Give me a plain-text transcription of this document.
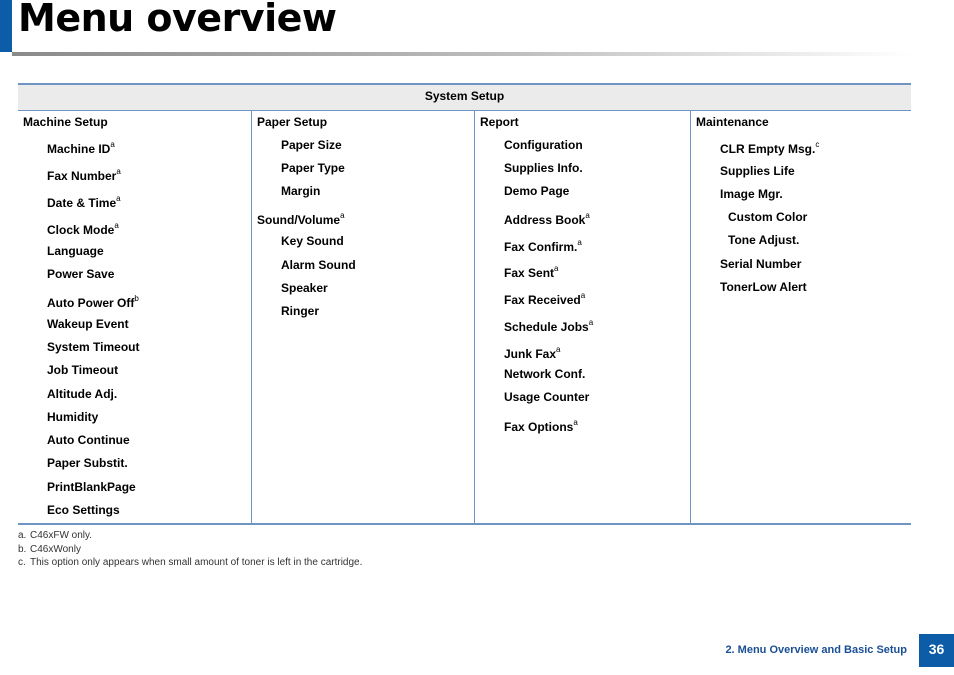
Menu overview
System Setup
Machine Setup
Machine $ID^a$
Fax Number$^a$
Date & Time$^a$
Clock Mode$^a$
Language
Power Save
Auto Power Off$^b$
Wakeup Event
System Timeout
Job Timeout
Altitude Adj.
Humidity
Auto Continue
Paper Substit.
PrintBlankPage
Eco Settings
Paper Setup
Paper Size
Paper Type
Margin
Sound/Volume$^a$
Key Sound
Alarm Sound
Speaker
Ringer
Report
Configuration
Supplies Info.
Demo Page
Address Book$^a$
Fax Confirm.$^a$
Fax Sent$^a$
Fax Received$^a$
Schedule Jobs$^a$
Junk Fax$^a$
Network Conf.
Usage Counter
Fax Options$^a$
Maintenance
CLR Empty Msg.$^c$
Supplies Life
Image Mgr.
Custom Color
Tone Adjust.
Serial Number
TonerLow Alert
a. C46xFW only.
b. C46xWonly
c. This option only appears when small amount of toner is left in the cartridge.
2. Menu Overview and Basic Setup	36
